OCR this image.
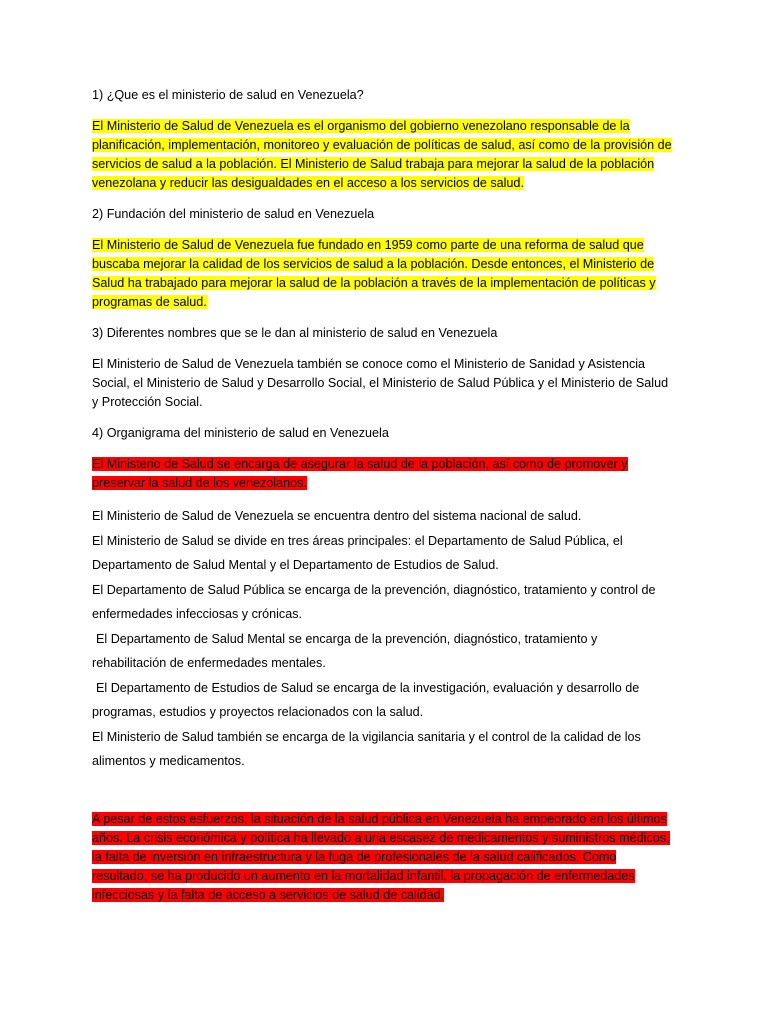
1) ¿Que es el ministerio de salud en Venezuela?

El Ministerio de Salud de Venezuela es el organismo del gobierno venezolano responsable de la planificación, implementación, monitoreo y evaluación de políticas de salud, así como de la provisión de servicios de salud a la población. El Ministerio de Salud trabaja para mejorar la salud de la población venezolana y reducir las desigualdades en el acceso a los servicios de salud.

2) Fundación del ministerio de salud en Venezuela

El Ministerio de Salud de Venezuela fue fundado en 1959 como parte de una reforma de salud que buscaba mejorar la calidad de los servicios de salud a la población. Desde entonces, el Ministerio de Salud ha trabajado para mejorar la salud de la población a través de la implementación de políticas y programas de salud.

3) Diferentes nombres que se le dan al ministerio de salud en Venezuela

El Ministerio de Salud de Venezuela también se conoce como el Ministerio de Sanidad y Asistencia Social, el Ministerio de Salud y Desarrollo Social, el Ministerio de Salud Pública y el Ministerio de Salud y Protección Social.

4) Organigrama del ministerio de salud en Venezuela

El Ministerio de Salud se encarga de asegurar la salud de la población, así como de promover y preservar la salud de los venezolanos.

El Ministerio de Salud de Venezuela se encuentra dentro del sistema nacional de salud.
El Ministerio de Salud se divide en tres áreas principales: el Departamento de Salud Pública, el Departamento de Salud Mental y el Departamento de Estudios de Salud.
El Departamento de Salud Pública se encarga de la prevención, diagnóstico, tratamiento y control de enfermedades infecciosas y crónicas.
El Departamento de Salud Mental se encarga de la prevención, diagnóstico, tratamiento y rehabilitación de enfermedades mentales.
El Departamento de Estudios de Salud se encarga de la investigación, evaluación y desarrollo de programas, estudios y proyectos relacionados con la salud.
El Ministerio de Salud también se encarga de la vigilancia sanitaria y el control de la calidad de los alimentos y medicamentos.

A pesar de estos esfuerzos, la situación de la salud pública en Venezuela ha empeorado en los últimos años. La crisis económica y política ha llevado a una escasez de medicamentos y suministros médicos, la falta de inversión en infraestructura y la fuga de profesionales de la salud calificados. Como resultado, se ha producido un aumento en la mortalidad infantil, la propagación de enfermedades infecciosas y la falta de acceso a servicios de salud de calidad.
